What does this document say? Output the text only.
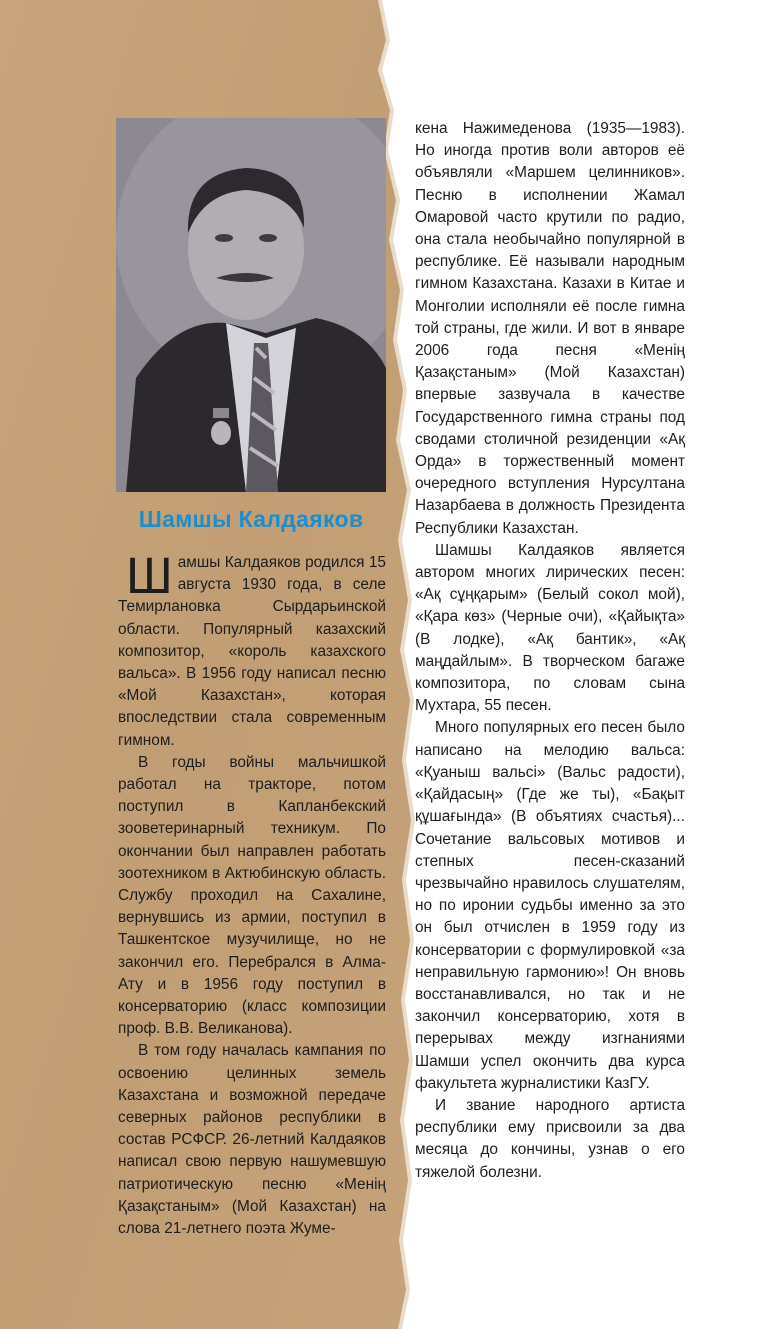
Шамшы Калдаяков

Шамшы Калдаяков родился 15 августа 1930 года, в селе Темирлановка Сырдарьинской области. Популярный казахский композитор, «король казахского вальса». В 1956 году написал песню «Мой Казахстан», которая впоследствии стала современным гимном.

В годы войны мальчишкой работал на тракторе, потом поступил в Капланбекский зооветеринарный техникум. По окончании был направлен работать зоотехником в Актюбинскую область. Службу проходил на Сахалине, вернувшись из армии, поступил в Ташкентское музучилище, но не закончил его. Перебрался в Алма-Ату и в 1956 году поступил в консерваторию (класс композиции проф. В.В. Великанова).

В том году началась кампания по освоению целинных земель Казахстана и возможной передаче северных районов республики в состав РСФСР. 26-летний Калдаяков написал свою первую нашумевшую патриотическую песню «Менің Қазақстаным» (Мой Казахстан) на слова 21-летнего поэта Жуме-

кена Нажимеденова (1935—1983). Но иногда против воли авторов её объявляли «Маршем целинников». Песню в исполнении Жамал Омаровой часто крутили по радио, она стала необычайно популярной в республике. Её называли народным гимном Казахстана. Казахи в Китае и Монголии исполняли её после гимна той страны, где жили. И вот в январе 2006 года песня «Менің Қазақстаным» (Мой Казахстан) впервые зазвучала в качестве Государственного гимна страны под сводами столичной резиденции «Ақ Орда» в торжественный момент очередного вступления Нурсултана Назарбаева в должность Президента Республики Казахстан.

Шамшы Калдаяков является автором многих лирических песен: «Ақ сұңқарым» (Белый сокол мой), «Қара көз» (Черные очи), «Қайықта» (В лодке), «Ақ бантик», «Ақ маңдайлым». В творческом багаже композитора, по словам сына Мухтара, 55 песен.

Много популярных его песен было написано на мелодию вальса: «Қуаныш вальсі» (Вальс радости), «Қайдасың» (Где же ты), «Бақыт құшағында» (В объятиях счастья)... Сочетание вальсовых мотивов и степных песен-сказаний чрезвычайно нравилось слушателям, но по иронии судьбы именно за это он был отчислен в 1959 году из консерватории с формулировкой «за неправильную гармонию»! Он вновь восстанавливался, но так и не закончил консерваторию, хотя в перерывах между изгнаниями Шамши успел окончить два курса факультета журналистики КазГУ.

И звание народного артиста республики ему присвоили за два месяца до кончины, узнав о его тяжелой болезни.
